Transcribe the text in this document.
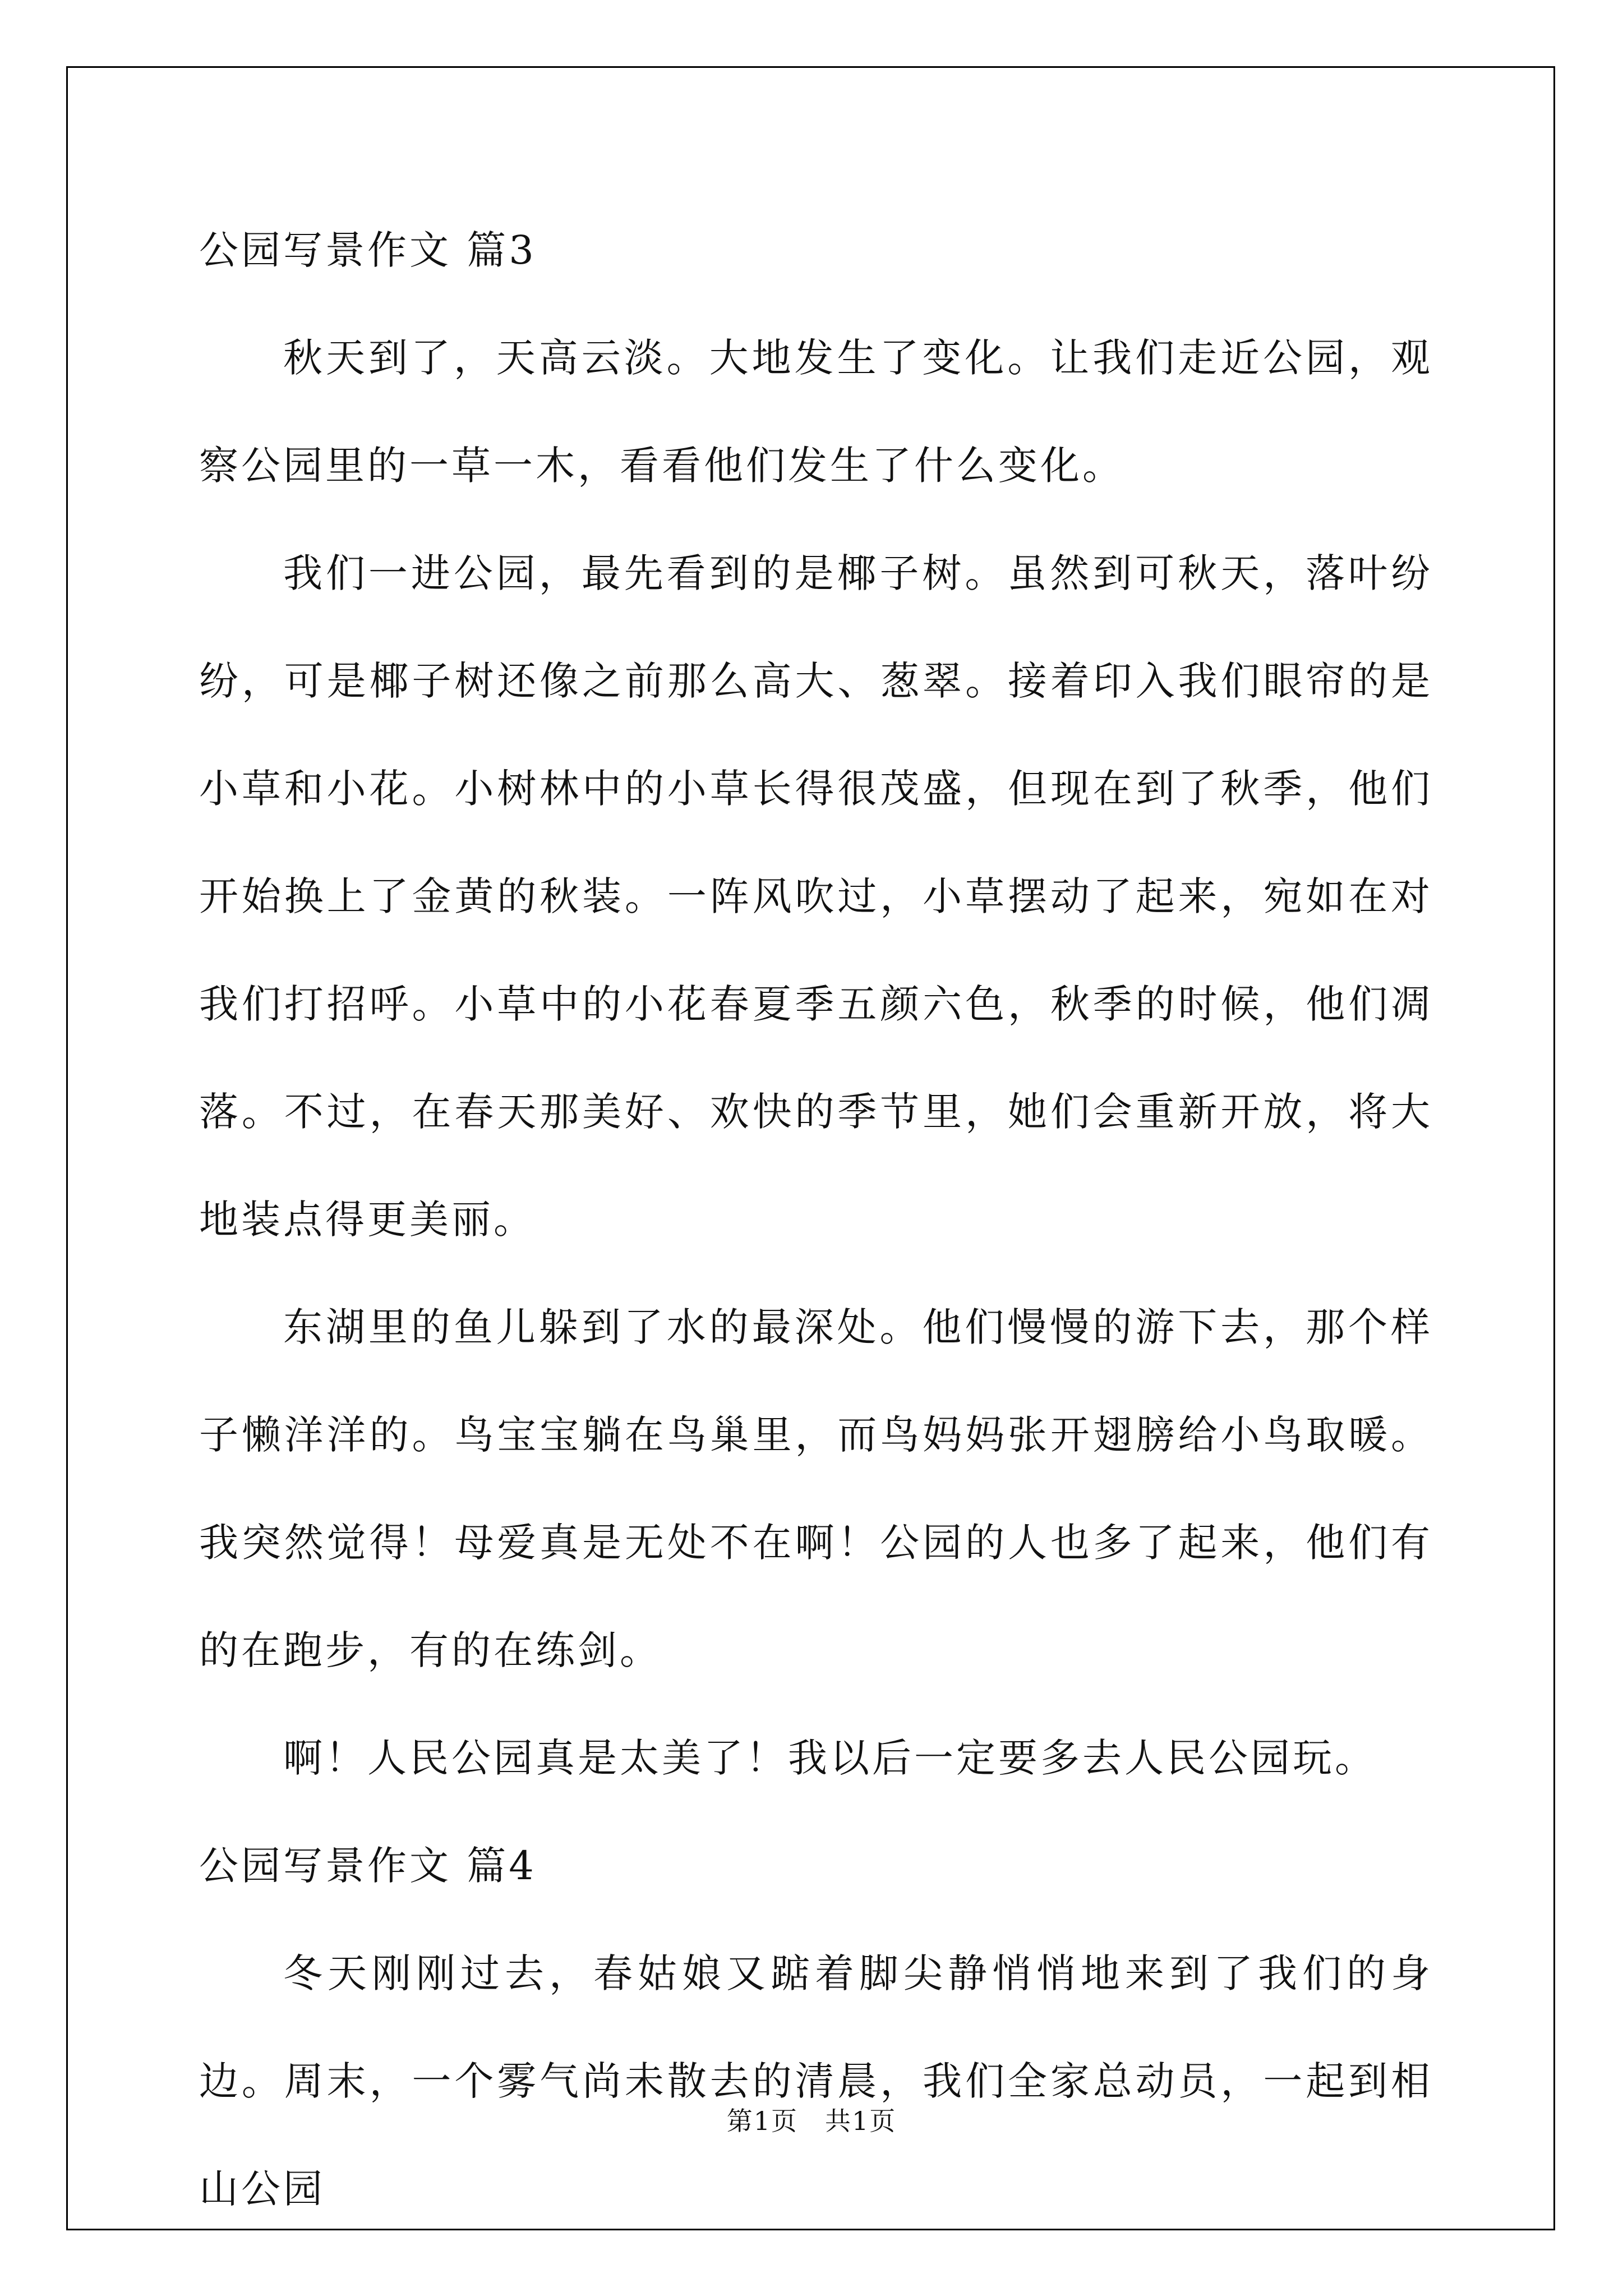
公园写景作文 篇3

秋天到了，天高云淡。大地发生了变化。让我们走近公园，观察公园里的一草一木，看看他们发生了什么变化。

我们一进公园，最先看到的是椰子树。虽然到可秋天，落叶纷纷，可是椰子树还像之前那么高大、葱翠。接着印入我们眼帘的是小草和小花。小树林中的小草长得很茂盛，但现在到了秋季，他们开始换上了金黄的秋装。一阵风吹过，小草摆动了起来，宛如在对我们打招呼。小草中的小花春夏季五颜六色，秋季的时候，他们凋落。不过，在春天那美好、欢快的季节里，她们会重新开放，将大地装点得更美丽。

东湖里的鱼儿躲到了水的最深处。他们慢慢的游下去，那个样子懒洋洋的。鸟宝宝躺在鸟巢里，而鸟妈妈张开翅膀给小鸟取暖。我突然觉得！母爱真是无处不在啊！公园的人也多了起来，他们有的在跑步，有的在练剑。

啊！人民公园真是太美了！我以后一定要多去人民公园玩。

公园写景作文 篇4

冬天刚刚过去，春姑娘又踮着脚尖静悄悄地来到了我们的身边。周末，一个雾气尚未散去的清晨，我们全家总动员，一起到相山公园

第1页　共1页
